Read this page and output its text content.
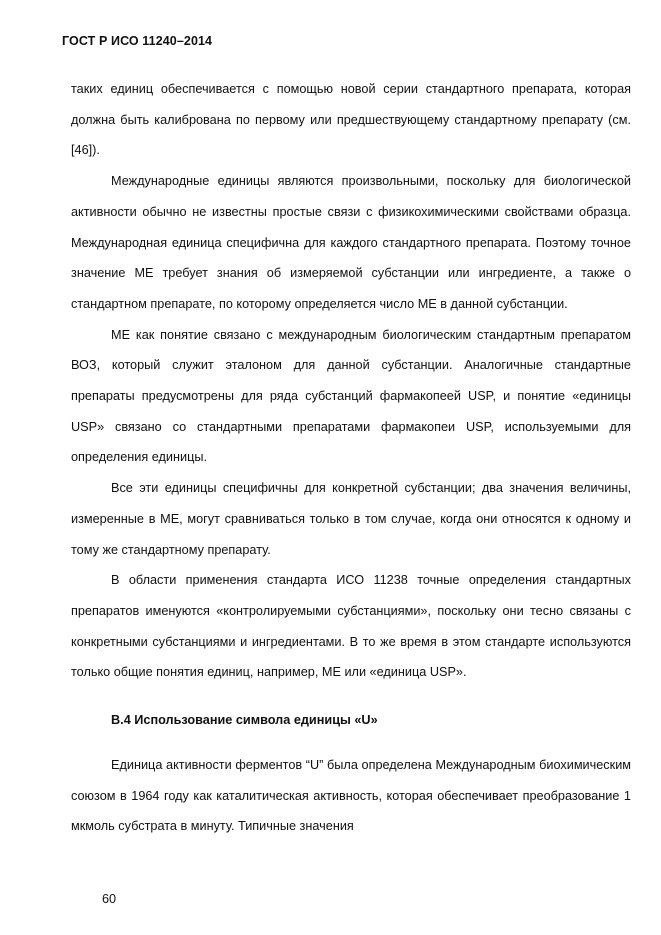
ГОСТ Р ИСО 11240–2014

таких единиц обеспечивается с помощью новой серии стандартного препарата, которая должна быть калибрована по первому или предшествующему стандартному препарату (см. [46]).

Международные единицы являются произвольными, поскольку для биологической активности обычно не известны простые связи с физикохимическими свойствами образца. Международная единица специфична для каждого стандартного препарата. Поэтому точное значение МЕ требует знания об измеряемой субстанции или ингредиенте, а также о стандартном препарате, по которому определяется число МЕ в данной субстанции.

МЕ как понятие связано с международным биологическим стандартным препаратом ВОЗ, который служит эталоном для данной субстанции. Аналогичные стандартные препараты предусмотрены для ряда субстанций фармакопеей USP, и понятие «единицы USP» связано со стандартными препаратами фармакопеи USP, используемыми для определения единицы.

Все эти единицы специфичны для конкретной субстанции; два значения величины, измеренные в МЕ, могут сравниваться только в том случае, когда они относятся к одному и тому же стандартному препарату.

В области применения стандарта ИСО 11238 точные определения стандартных препаратов именуются «контролируемыми субстанциями», поскольку они тесно связаны с конкретными субстанциями и ингредиентами. В то же время в этом стандарте используются только общие понятия единиц, например, МЕ или «единица USP».

В.4 Использование символа единицы «U»

Единица активности ферментов “U” была определена Международным биохимическим союзом в 1964 году как каталитическая активность, которая обеспечивает преобразование 1 мкмоль субстрата в минуту. Типичные значения

60
